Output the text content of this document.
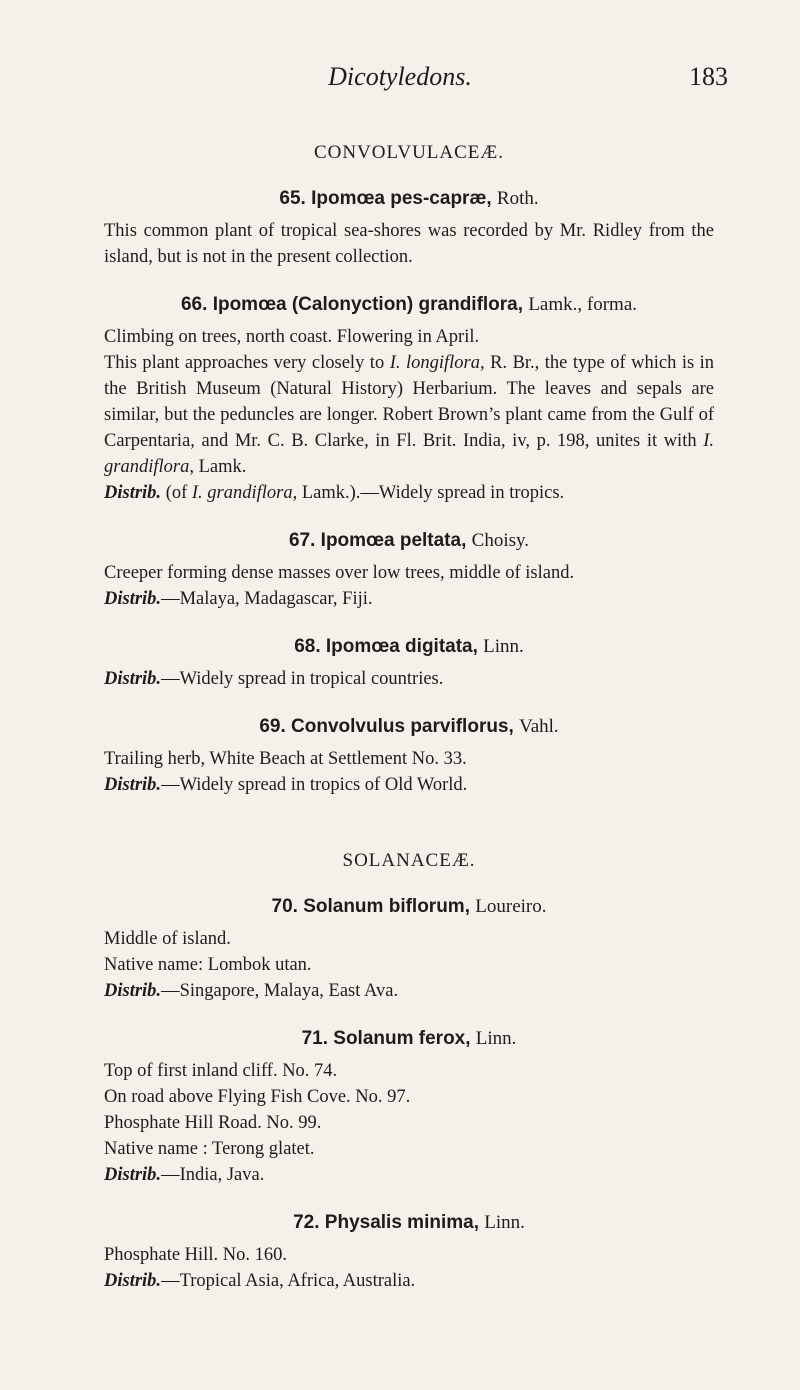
Dicotyledons.	183
CONVOLVULACEÆ.
65. Ipomœa pes-capræ, Roth.

This common plant of tropical sea-shores was recorded by Mr. Ridley from the island, but is not in the present collection.

66. Ipomœa (Calonyction) grandiflora, Lamk., forma.

Climbing on trees, north coast. Flowering in April.

This plant approaches very closely to I. longiflora, R. Br., the type of which is in the British Museum (Natural History) Herbarium. The leaves and sepals are similar, but the peduncles are longer. Robert Brown’s plant came from the Gulf of Carpentaria, and Mr. C. B. Clarke, in Fl. Brit. India, iv, p. 198, unites it with I. grandiflora, Lamk.

Distrib. (of I. grandiflora, Lamk.).—Widely spread in tropics.

67. Ipomœa peltata, Choisy.

Creeper forming dense masses over low trees, middle of island.

Distrib.—Malaya, Madagascar, Fiji.

68. Ipomœa digitata, Linn.

Distrib.—Widely spread in tropical countries.

69. Convolvulus parviflorus, Vahl.

Trailing herb, White Beach at Settlement No. 33.

Distrib.—Widely spread in tropics of Old World.

SOLANACEÆ.
70. Solanum biflorum, Loureiro.

Middle of island.

Native name: Lombok utan.

Distrib.—Singapore, Malaya, East Ava.

71. Solanum ferox, Linn.

Top of first inland cliff. No. 74.

On road above Flying Fish Cove. No. 97.

Phosphate Hill Road. No. 99.

Native name : Terong glatet.

Distrib.—India, Java.

72. Physalis minima, Linn.

Phosphate Hill. No. 160.

Distrib.—Tropical Asia, Africa, Australia.
